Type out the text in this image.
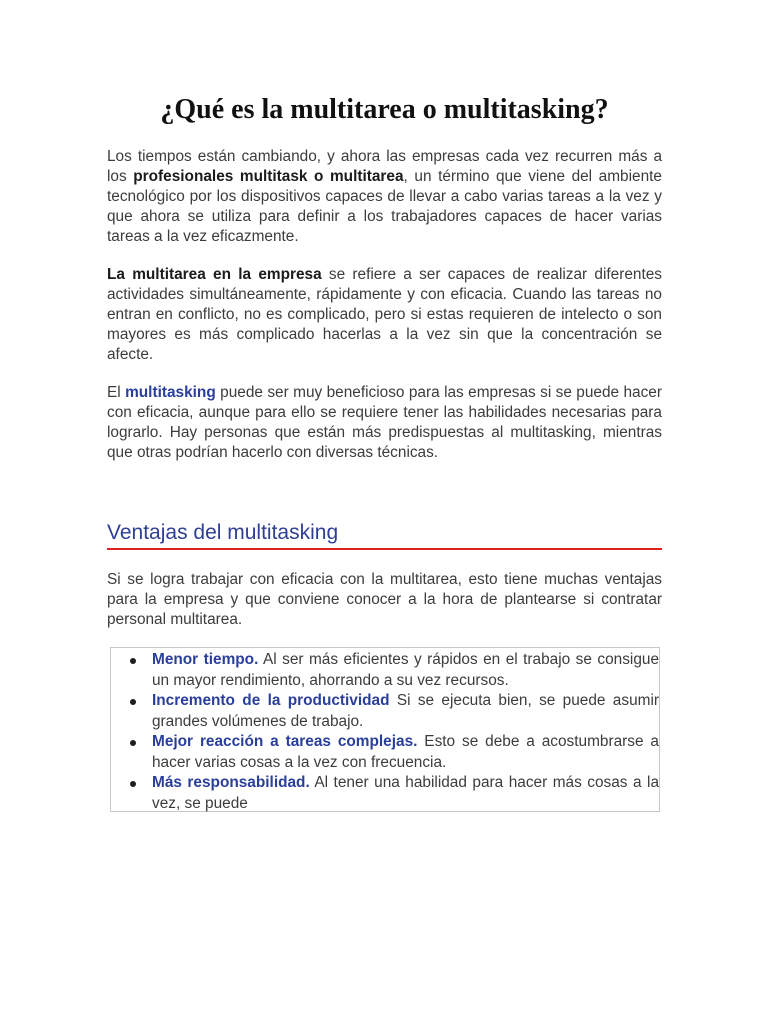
¿Qué es la multitarea o multitasking?

Los tiempos están cambiando, y ahora las empresas cada vez recurren más a los profesionales multitask o multitarea, un término que viene del ambiente tecnológico por los dispositivos capaces de llevar a cabo varias tareas a la vez y que ahora se utiliza para definir a los trabajadores capaces de hacer varias tareas a la vez eficazmente.

La multitarea en la empresa se refiere a ser capaces de realizar diferentes actividades simultáneamente, rápidamente y con eficacia. Cuando las tareas no entran en conflicto, no es complicado, pero si estas requieren de intelecto o son mayores es más complicado hacerlas a la vez sin que la concentración se afecte.

El multitasking puede ser muy beneficioso para las empresas si se puede hacer con eficacia, aunque para ello se requiere tener las habilidades necesarias para lograrlo. Hay personas que están más predispuestas al multitasking, mientras que otras podrían hacerlo con diversas técnicas.

Ventajas del multitasking

Si se logra trabajar con eficacia con la multitarea, esto tiene muchas ventajas para la empresa y que conviene conocer a la hora de plantearse si contratar personal multitarea.

Menor tiempo. Al ser más eficientes y rápidos en el trabajo se consigue un mayor rendimiento, ahorrando a su vez recursos.
Incremento de la productividad Si se ejecuta bien, se puede asumir grandes volúmenes de trabajo.
Mejor reacción a tareas complejas. Esto se debe a acostumbrarse a hacer varias cosas a la vez con frecuencia.
Más responsabilidad. Al tener una habilidad para hacer más cosas a la vez, se puede
